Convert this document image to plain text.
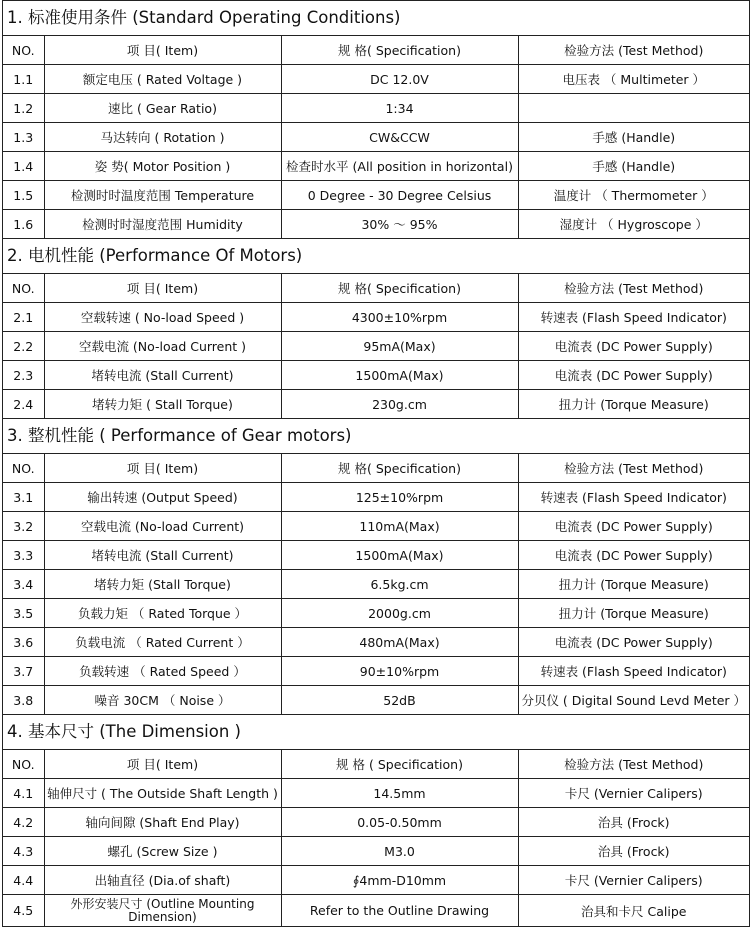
1. 标准使用条件 (Standard Operating Conditions)
NO.	项 目( Item)	规 格( Specification)	检验方法 (Test Method)
1.1	额定电压 ( Rated Voltage )	DC 12.0V	电压表 （ Multimeter ）
1.2	速比 ( Gear Ratio)	1:34	
1.3	马达转向 ( Rotation )	CW&CCW	手感 (Handle)
1.4	姿 势( Motor Position )	检查时水平 (All position in horizontal)	手感 (Handle)
1.5	检测时时温度范围 Temperature	0 Degree - 30 Degree Celsius	温度计 （ Thermometer ）
1.6	检测时时湿度范围 Humidity	30% ～ 95%	湿度计 （ Hygroscope ）
2. 电机性能 (Performance Of Motors)
NO.	项 目( Item)	规 格( Specification)	检验方法 (Test Method)
2.1	空载转速 ( No-load Speed )	4300±10%rpm	转速表 (Flash Speed Indicator)
2.2	空载电流 (No-load Current )	95mA(Max)	电流表 (DC Power Supply)
2.3	堵转电流 (Stall Current)	1500mA(Max)	电流表 (DC Power Supply)
2.4	堵转力矩 ( Stall Torque)	230g.cm	扭力计 (Torque Measure)
3. 整机性能 ( Performance of Gear motors)
NO.	项 目( Item)	规 格( Specification)	检验方法 (Test Method)
3.1	输出转速 (Output Speed)	125±10%rpm	转速表 (Flash Speed Indicator)
3.2	空载电流 (No-load Current)	110mA(Max)	电流表 (DC Power Supply)
3.3	堵转电流 (Stall Current)	1500mA(Max)	电流表 (DC Power Supply)
3.4	堵转力矩 (Stall Torque)	6.5kg.cm	扭力计 (Torque Measure)
3.5	负载力矩 （ Rated Torque ）	2000g.cm	扭力计 (Torque Measure)
3.6	负载电流 （ Rated Current ）	480mA(Max)	电流表 (DC Power Supply)
3.7	负载转速 （ Rated Speed ）	90±10%rpm	转速表 (Flash Speed Indicator)
3.8	噪音 30CM （ Noise ）	52dB	分贝仪 ( Digital Sound Levd Meter ）
4. 基本尺寸 (The Dimension )
NO.	项 目( Item)	规 格 ( Specification)	检验方法 (Test Method)
4.1	轴伸尺寸 ( The Outside Shaft Length )	14.5mm	卡尺 (Vernier Calipers)
4.2	轴向间隙 (Shaft End Play)	0.05-0.50mm	治具 (Frock)
4.3	螺孔 (Screw Size )	M3.0	治具 (Frock)
4.4	出轴直径 (Dia.of shaft)	∮4mm-D10mm	卡尺 (Vernier Calipers)
4.5	外形安装尺寸 (Outline Mounting Dimension)	Refer to the Outline Drawing	治具和卡尺 Calipe
